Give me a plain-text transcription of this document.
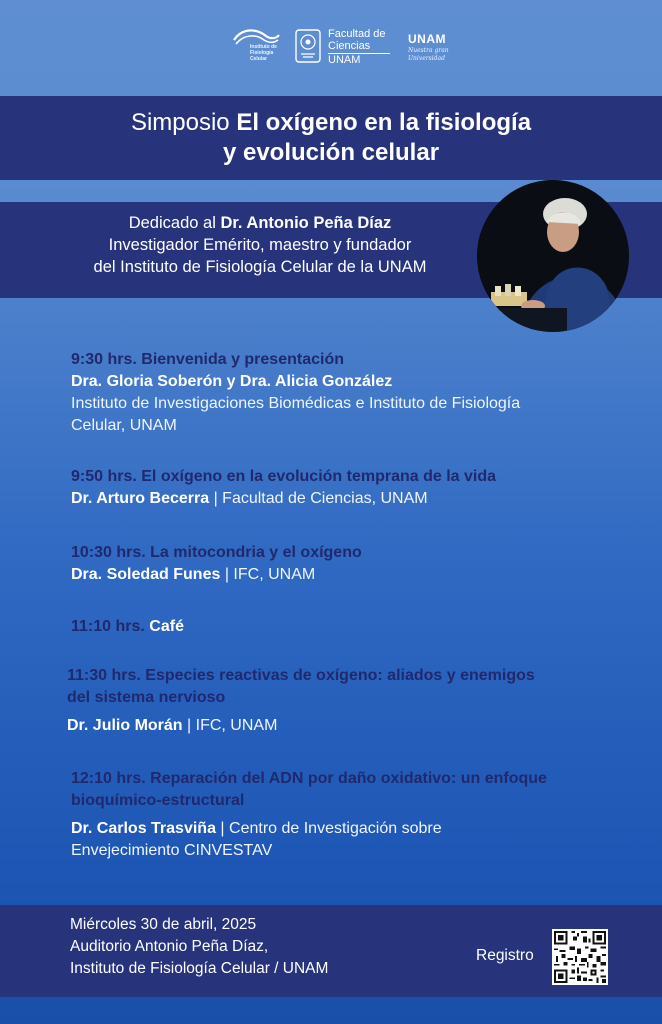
Instituto de
Fisiología
Celular
Facultad de
Ciencias
UNAM
UNAM
Nuestra gran
Universidad
Simposio El oxígeno en la fisiología
y evolución celular
Dedicado al Dr. Antonio Peña Díaz
Investigador Emérito, maestro y fundador
del Instituto de Fisiología Celular de la UNAM
9:30 hrs. Bienvenida y presentación
Dra. Gloria Soberón y Dra. Alicia González
Instituto de Investigaciones Biomédicas e Instituto de Fisiología Celular, UNAM
9:50 hrs. El oxígeno en la evolución temprana de la vida
Dr. Arturo Becerra | Facultad de Ciencias, UNAM
10:30 hrs. La mitocondria y el oxígeno
Dra. Soledad Funes | IFC, UNAM
11:10 hrs. Café
11:30 hrs. Especies reactivas de oxígeno: aliados y enemigos del sistema nervioso
Dr. Julio Morán | IFC, UNAM
12:10 hrs. Reparación del ADN por daño oxidativo: un enfoque bioquímico-estructural
Dr. Carlos Trasviña | Centro de Investigación sobre Envejecimiento CINVESTAV
Miércoles 30 de abril, 2025
Auditorio Antonio Peña Díaz,
Instituto de Fisiología Celular / UNAM
Registro
